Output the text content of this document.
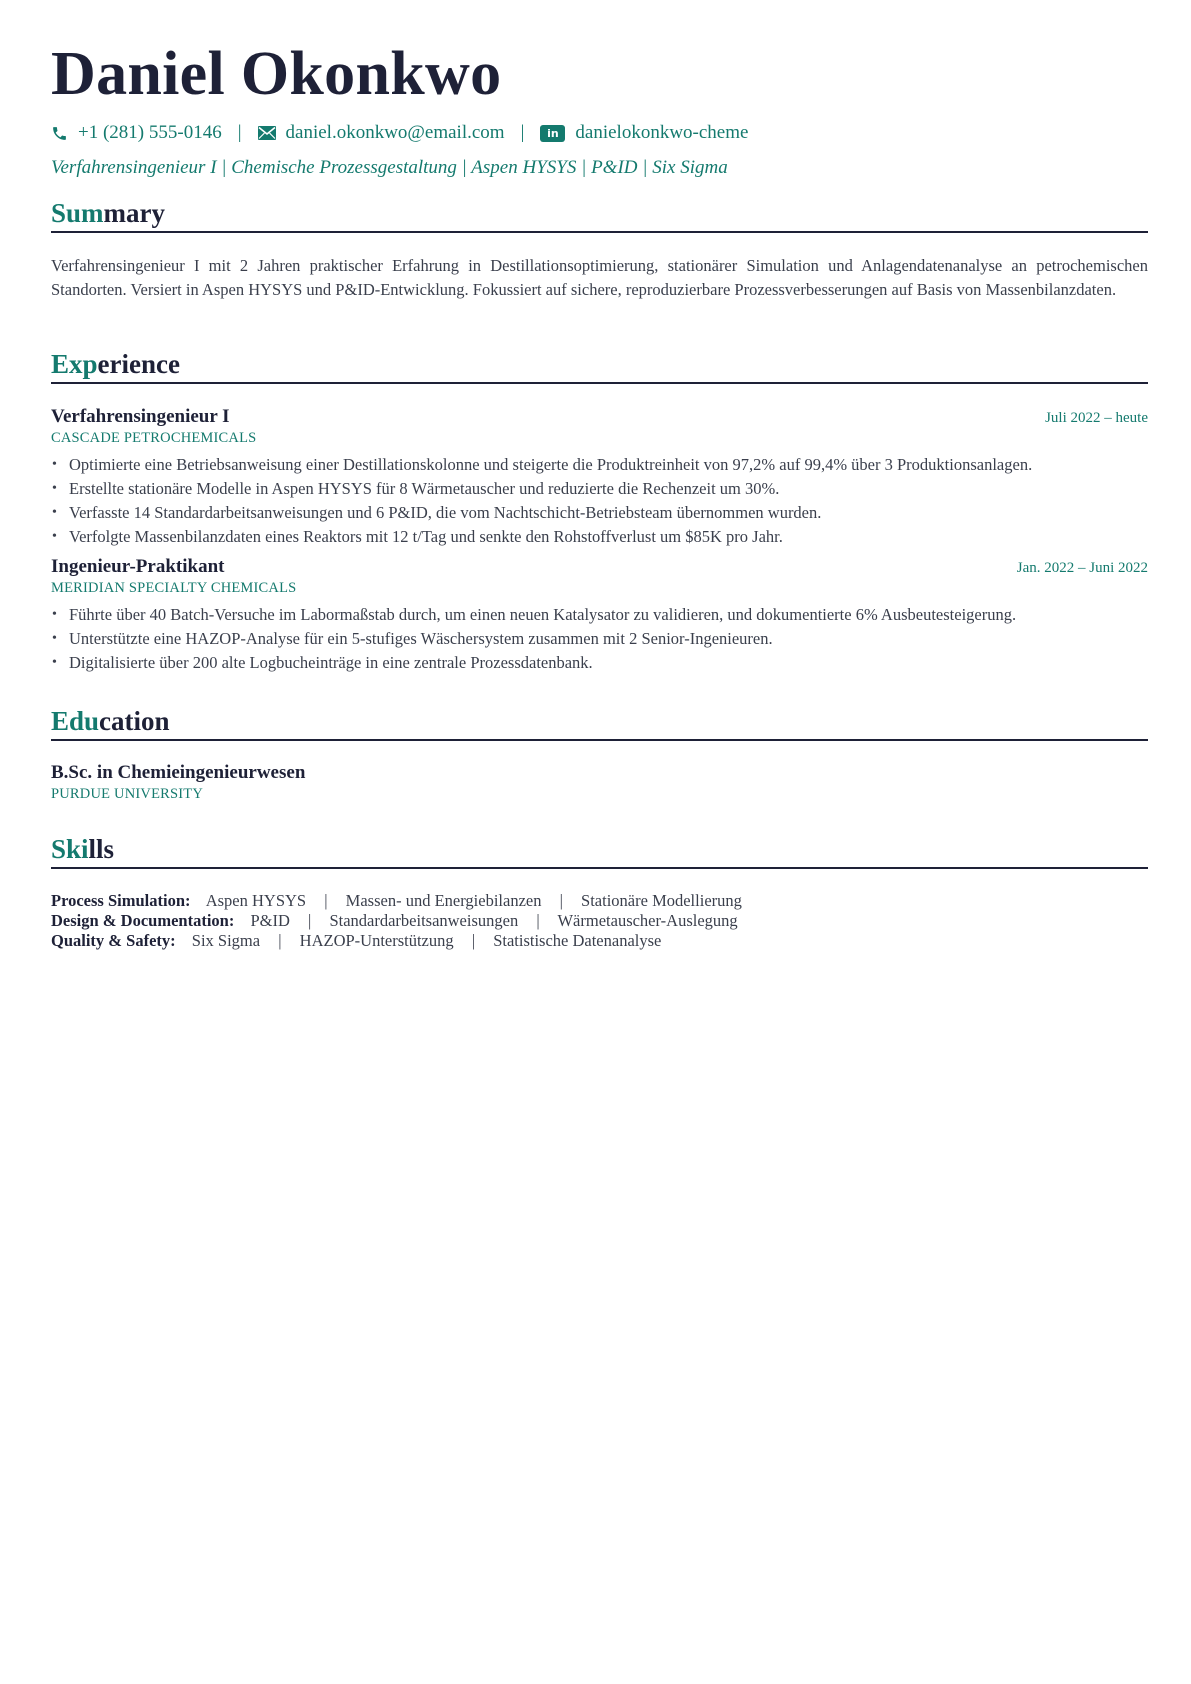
Daniel Okonkwo
+1 (281) 555-0146 | daniel.okonkwo@email.com |	in danielokonkwo-cheme
Verfahrensingenieur I | Chemische Prozessgestaltung | Aspen HYSYS | P&ID | Six Sigma
Summary
Verfahrensingenieur I mit 2 Jahren praktischer Erfahrung in Destillationsoptimierung, stationärer Simulation und Anlagendatenanalyse an petrochemischen Standorten. Versiert in Aspen HYSYS und P&ID-Entwicklung. Fokussiert auf sichere, reproduzierbare Prozessverbesserungen auf Basis von Massenbilanzdaten.
Experience
Verfahrensingenieur I	Juli 2022 – heute
CASCADE PETROCHEMICALS
• Optimierte eine Betriebsanweisung einer Destillationskolonne und steigerte die Produktreinheit von 97,2% auf 99,4% über 3 Produktionsanlagen.
• Erstellte stationäre Modelle in Aspen HYSYS für 8 Wärmetauscher und reduzierte die Rechenzeit um 30%.
• Verfasste 14 Standardarbeitsanweisungen und 6 P&ID, die vom Nachtschicht-Betriebsteam übernommen wurden.
• Verfolgte Massenbilanzdaten eines Reaktors mit 12 t/Tag und senkte den Rohstoffverlust um $85K pro Jahr.
Ingenieur-Praktikant	Jan. 2022 – Juni 2022
MERIDIAN SPECIALTY CHEMICALS
• Führte über 40 Batch-Versuche im Labormaßstab durch, um einen neuen Katalysator zu validieren, und dokumentierte 6% Ausbeutesteigerung.
• Unterstützte eine HAZOP-Analyse für ein 5-stufiges Wäschersystem zusammen mit 2 Senior-Ingenieuren.
• Digitalisierte über 200 alte Logbucheinträge in eine zentrale Prozessdatenbank.
Education
B.Sc. in Chemieingenieurwesen
PURDUE UNIVERSITY
Skills
Process Simulation: Aspen HYSYS | Massen- und Energiebilanzen | Stationäre Modellierung
Design & Documentation: P&ID | Standardarbeitsanweisungen | Wärmetauscher-Auslegung
Quality & Safety: Six Sigma | HAZOP-Unterstützung | Statistische Datenanalyse
